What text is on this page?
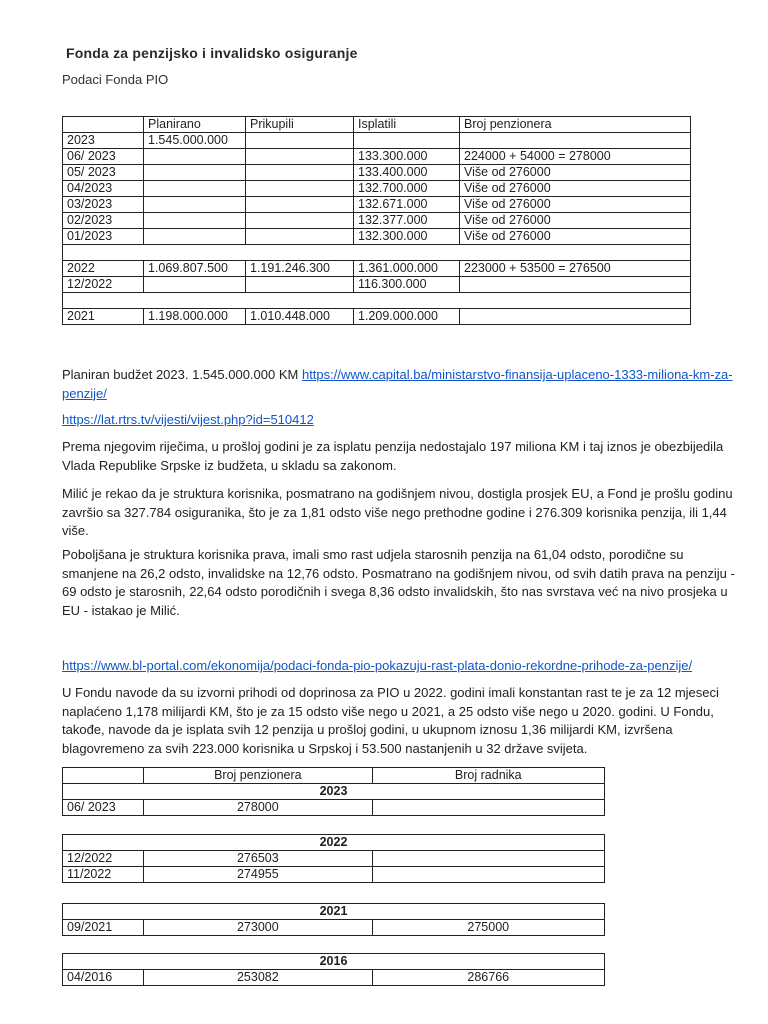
Fonda za penzijsko i invalidsko osiguranje
Podaci Fonda PIO
	Planirano	Prikupili	Isplatili	Broj penzionera
2023	1.545.000.000			
06/ 2023			133.300.000	224000 + 54000 = 278000
05/ 2023			133.400.000	Više od 276000
04/2023			132.700.000	Više od 276000
03/2023			132.671.000	Više od 276000
02/2023			132.377.000	Više od 276000
01/2023			132.300.000	Više od 276000

2022	1.069.807.500	1.191.246.300	1.361.000.000	223000 + 53500 = 276500
12/2022			116.300.000	

2021	1.198.000.000	1.010.448.000	1.209.000.000	
Planiran budžet 2023. 1.545.000.000 KM https://www.capital.ba/ministarstvo-finansija-uplaceno-1333-miliona-km-za-penzije/
https://lat.rtrs.tv/vijesti/vijest.php?id=510412
Prema njegovim riječima, u prošloj godini je za isplatu penzija nedostajalo 197 miliona KM i taj iznos je obezbijedila Vlada Republike Srpske iz budžeta, u skladu sa zakonom.
Milić je rekao da je struktura korisnika, posmatrano na godišnjem nivou, dostigla prosjek EU, a Fond je prošlu godinu završio sa 327.784 osiguranika, što je za 1,81 odsto više nego prethodne godine i 276.309 korisnika penzija, ili 1,44 više.
Poboljšana je struktura korisnika prava, imali smo rast udjela starosnih penzija na 61,04 odsto, porodične su smanjene na 26,2 odsto, invalidske na 12,76 odsto. Posmatrano na godišnjem nivou, od svih datih prava na penziju - 69 odsto je starosnih, 22,64 odsto porodičnih i svega 8,36 odsto invalidskih, što nas svrstava već na nivo prosjeka u EU - istakao je Milić.
https://www.bl-portal.com/ekonomija/podaci-fonda-pio-pokazuju-rast-plata-donio-rekordne-prihode-za-penzije/
U Fondu navode da su izvorni prihodi od doprinosa za PIO u 2022. godini imali konstantan rast te je za 12 mjeseci naplaćeno 1,178 milijardi KM, što je za 15 odsto više nego u 2021, a 25 odsto više nego u 2020. godini. U Fondu, takođe, navode da je isplata svih 12 penzija u prošloj godini, u ukupnom iznosu 1,36 milijardi KM, izvršena blagovremeno za svih 223.000 korisnika u Srpskoj i 53.500 nastanjenih u 32 države svijeta.
	Broj penzionera	Broj radnika
2023		
06/ 2023	278000	
2022		
12/2022	276503	
11/2022	274955	
2021
09/2021	273000	275000
2016
04/2016	253082	286766
